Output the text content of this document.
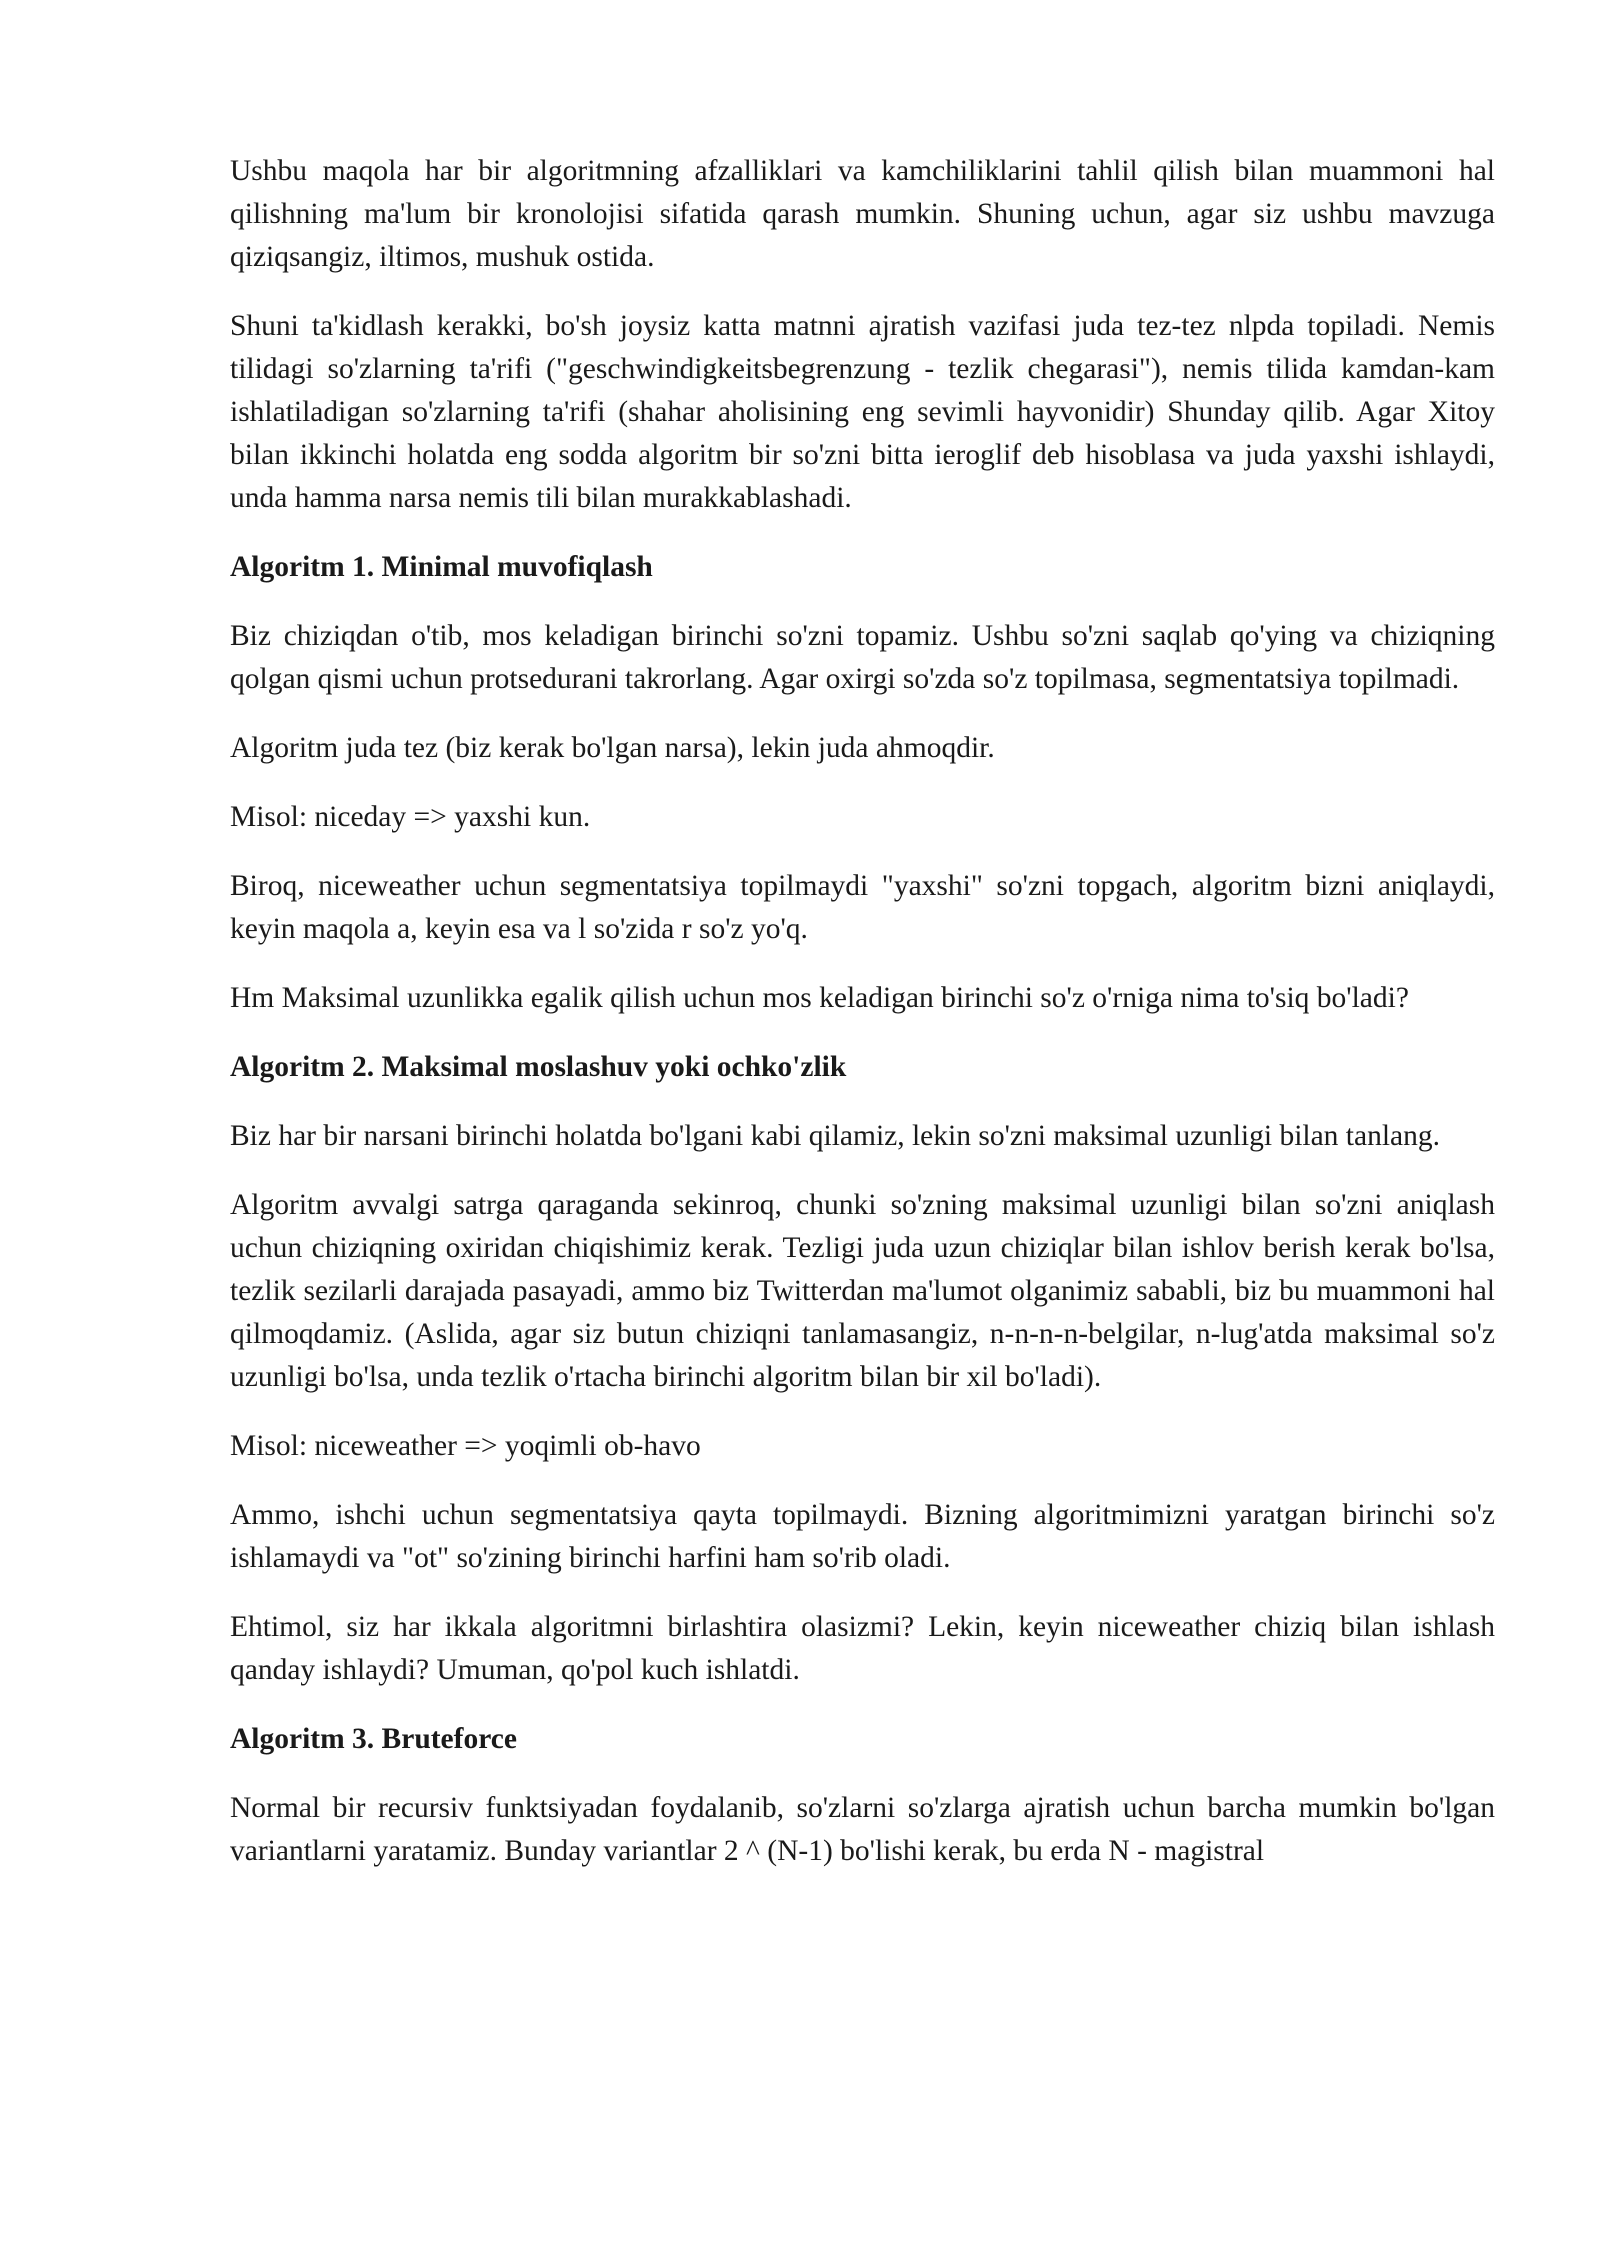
Ushbu maqola har bir algoritmning afzalliklari va kamchiliklarini tahlil qilish bilan muammoni hal qilishning ma'lum bir kronolojisi sifatida qarash mumkin. Shuning uchun, agar siz ushbu mavzuga qiziqsangiz, iltimos, mushuk ostida.

Shuni ta'kidlash kerakki, bo'sh joysiz katta matnni ajratish vazifasi juda tez-tez nlpda topiladi. Nemis tilidagi so'zlarning ta'rifi ("geschwindigkeitsbegrenzung - tezlik chegarasi"), nemis tilida kamdan-kam ishlatiladigan so'zlarning ta'rifi (shahar aholisining eng sevimli hayvonidir) Shunday qilib. Agar Xitoy bilan ikkinchi holatda eng sodda algoritm bir so'zni bitta ieroglif deb hisoblasa va juda yaxshi ishlaydi, unda hamma narsa nemis tili bilan murakkablashadi.

Algoritm 1. Minimal muvofiqlash

Biz chiziqdan o'tib, mos keladigan birinchi so'zni topamiz. Ushbu so'zni saqlab qo'ying va chiziqning qolgan qismi uchun protsedurani takrorlang. Agar oxirgi so'zda so'z topilmasa, segmentatsiya topilmadi.

Algoritm juda tez (biz kerak bo'lgan narsa), lekin juda ahmoqdir.

Misol: niceday => yaxshi kun.

Biroq, niceweather uchun segmentatsiya topilmaydi "yaxshi" so'zni topgach, algoritm bizni aniqlaydi, keyin maqola a, keyin esa va l so'zida r so'z yo'q.

Hm Maksimal uzunlikka egalik qilish uchun mos keladigan birinchi so'z o'rniga nima to'siq bo'ladi?

Algoritm 2. Maksimal moslashuv yoki ochko'zlik

Biz har bir narsani birinchi holatda bo'lgani kabi qilamiz, lekin so'zni maksimal uzunligi bilan tanlang.

Algoritm avvalgi satrga qaraganda sekinroq, chunki so'zning maksimal uzunligi bilan so'zni aniqlash uchun chiziqning oxiridan chiqishimiz kerak. Tezligi juda uzun chiziqlar bilan ishlov berish kerak bo'lsa, tezlik sezilarli darajada pasayadi, ammo biz Twitterdan ma'lumot olganimiz sababli, biz bu muammoni hal qilmoqdamiz. (Aslida, agar siz butun chiziqni tanlamasangiz, n-n-n-n-belgilar, n-lug'atda maksimal so'z uzunligi bo'lsa, unda tezlik o'rtacha birinchi algoritm bilan bir xil bo'ladi).

Misol: niceweather => yoqimli ob-havo

Ammo, ishchi uchun segmentatsiya qayta topilmaydi. Bizning algoritmimizni yaratgan birinchi so'z ishlamaydi va "ot" so'zining birinchi harfini ham so'rib oladi.

Ehtimol, siz har ikkala algoritmni birlashtira olasizmi? Lekin, keyin niceweather chiziq bilan ishlash qanday ishlaydi? Umuman, qo'pol kuch ishlatdi.

Algoritm 3. Bruteforce

Normal bir recursiv funktsiyadan foydalanib, so'zlarni so'zlarga ajratish uchun barcha mumkin bo'lgan variantlarni yaratamiz. Bunday variantlar 2 ^ (N-1) bo'lishi kerak, bu erda N - magistral
